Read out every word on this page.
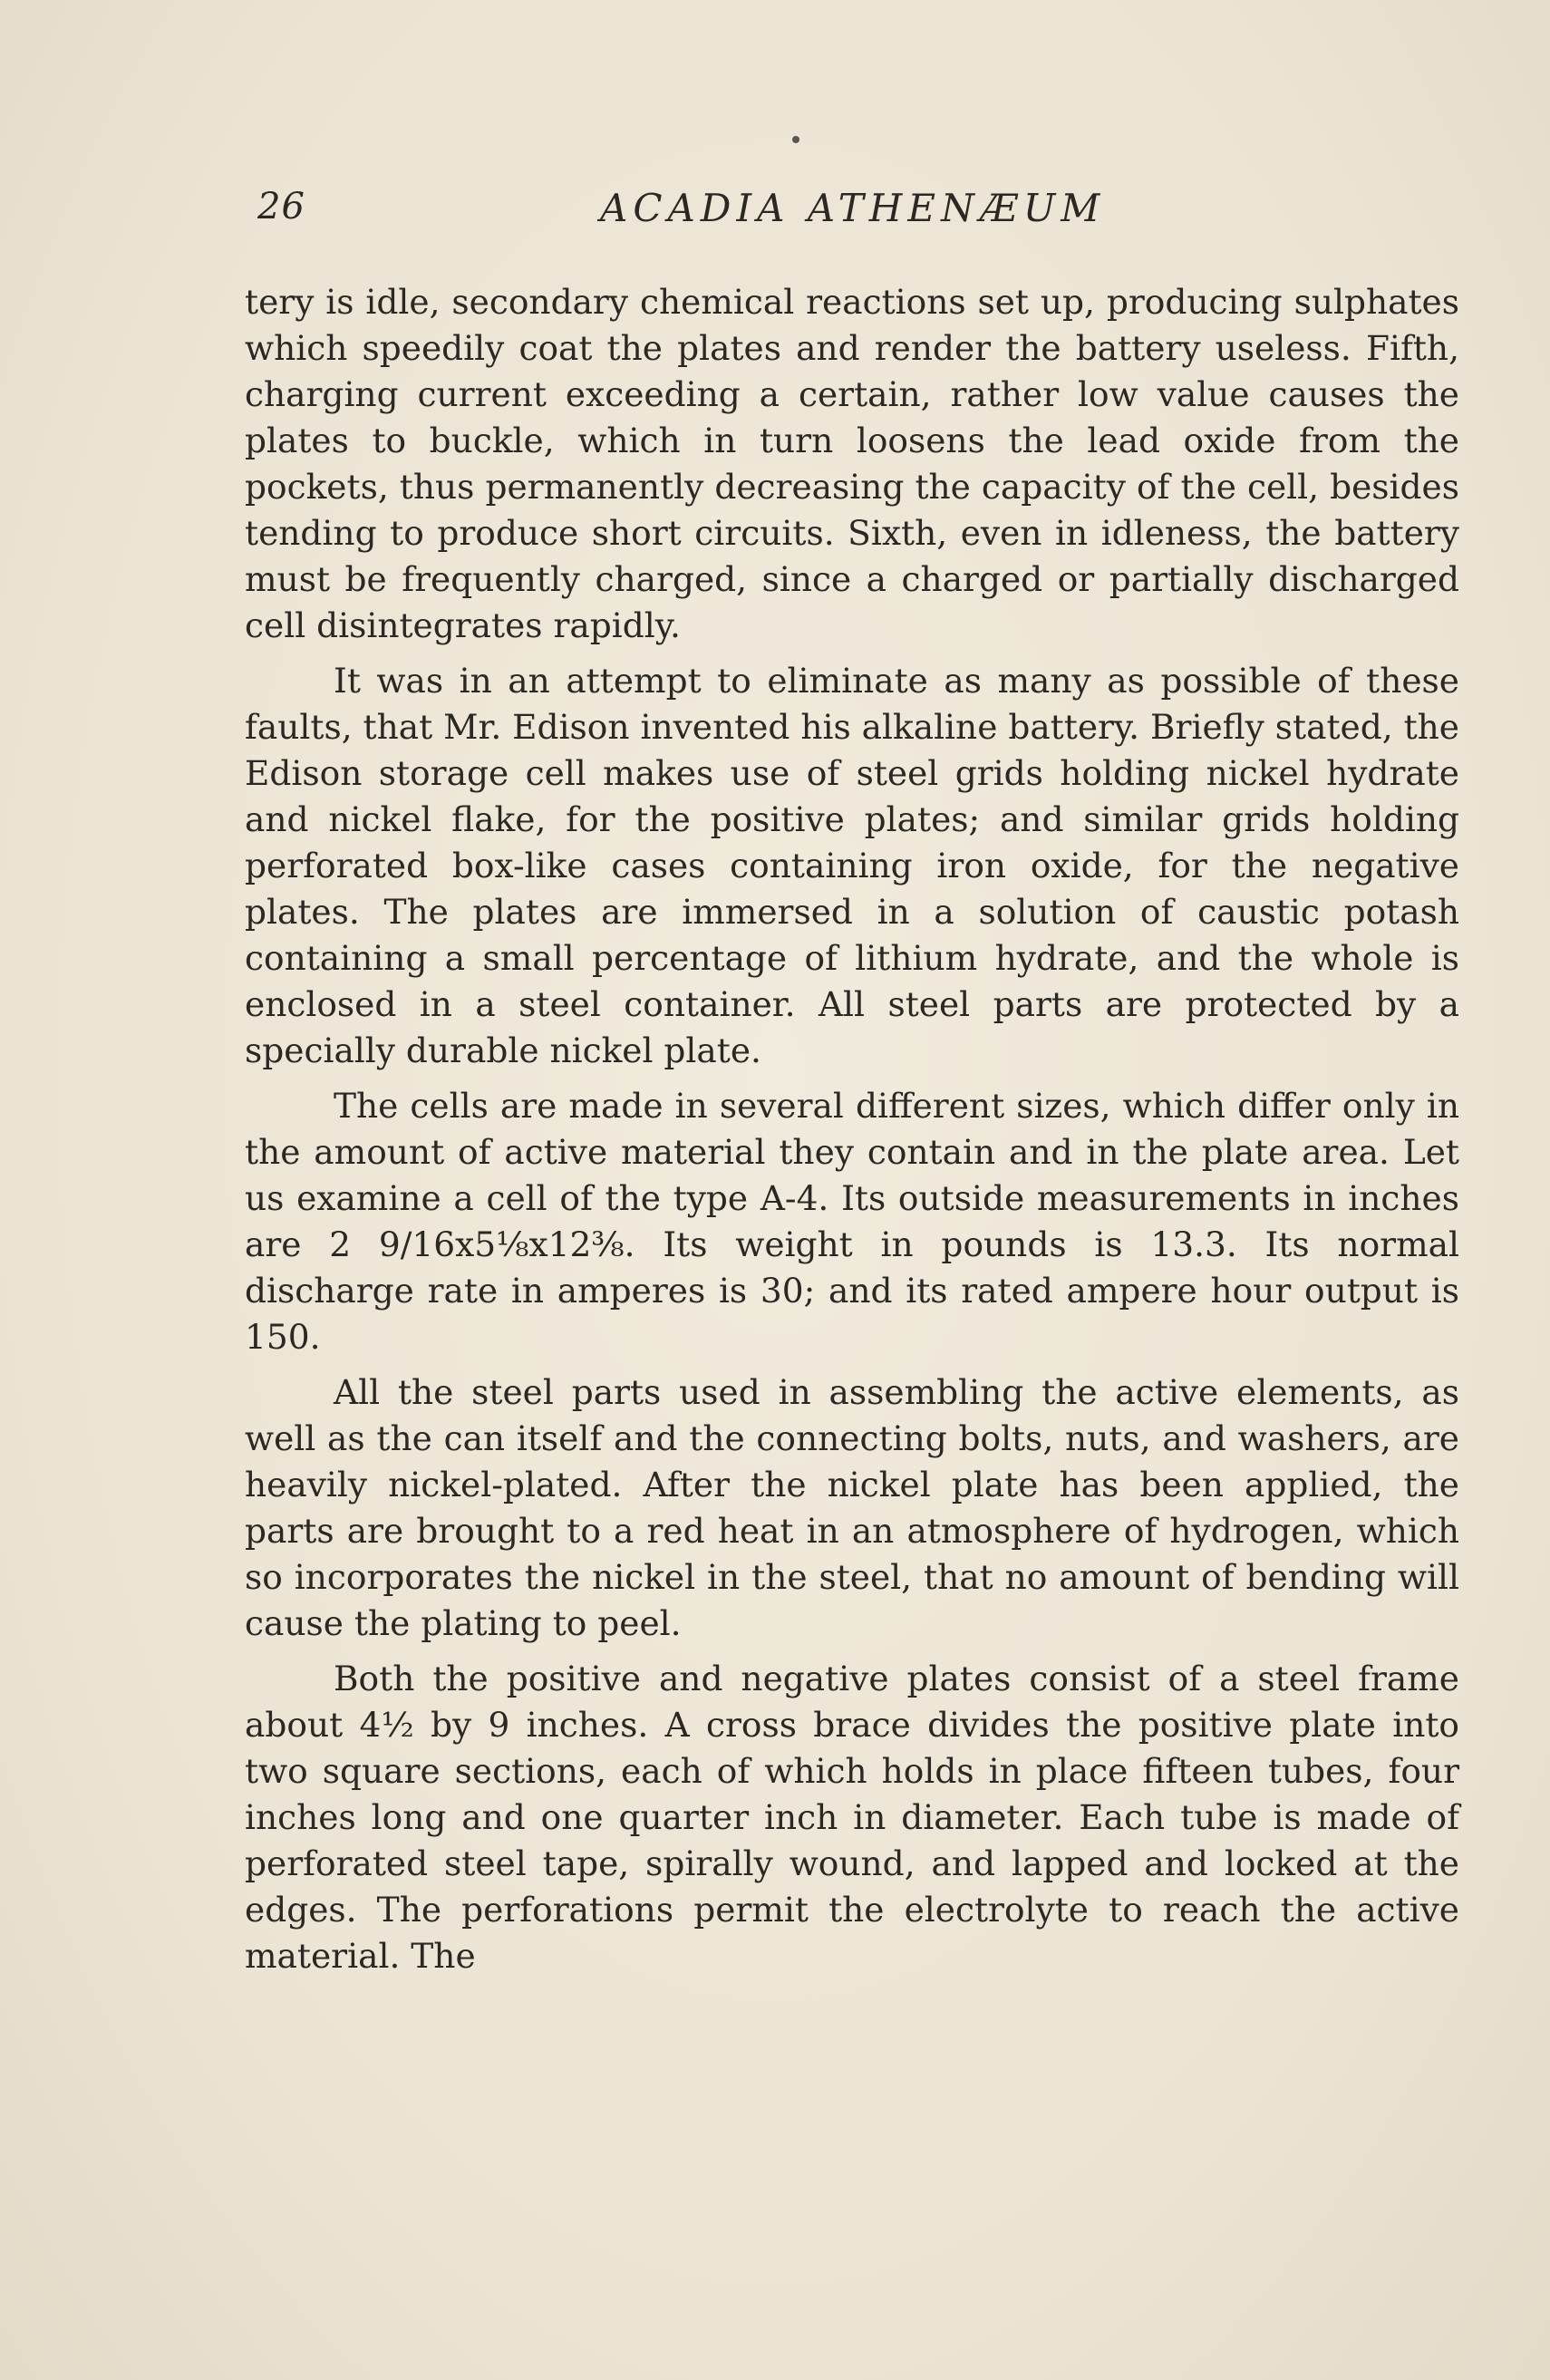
26	ACADIA ATHENÆUM

tery is idle, secondary chemical reactions set up, producing sulphates which speedily coat the plates and render the battery useless. Fifth, charging current exceeding a certain, rather low value causes the plates to buckle, which in turn loosens the lead oxide from the pockets, thus permanently decreasing the capacity of the cell, besides tending to produce short circuits. Sixth, even in idleness, the battery must be frequently charged, since a charged or partially discharged cell disintegrates rapidly.

It was in an attempt to eliminate as many as possible of these faults, that Mr. Edison invented his alkaline battery. Briefly stated, the Edison storage cell makes use of steel grids holding nickel hydrate and nickel flake, for the positive plates; and similar grids holding perforated box-like cases containing iron oxide, for the negative plates. The plates are immersed in a solution of caustic potash containing a small percentage of lithium hydrate, and the whole is enclosed in a steel container. All steel parts are protected by a specially durable nickel plate.

The cells are made in several different sizes, which differ only in the amount of active material they contain and in the plate area. Let us examine a cell of the type A-4. Its outside measurements in inches are 2 9/16x5⅛x12⅜. Its weight in pounds is 13.3. Its normal discharge rate in amperes is 30; and its rated ampere hour output is 150.

All the steel parts used in assembling the active elements, as well as the can itself and the connecting bolts, nuts, and washers, are heavily nickel-plated. After the nickel plate has been applied, the parts are brought to a red heat in an atmosphere of hydrogen, which so incorporates the nickel in the steel, that no amount of bending will cause the plating to peel.

Both the positive and negative plates consist of a steel frame about 4½ by 9 inches. A cross brace divides the positive plate into two square sections, each of which holds in place fifteen tubes, four inches long and one quarter inch in diameter. Each tube is made of perforated steel tape, spirally wound, and lapped and locked at the edges. The perforations permit the electrolyte to reach the active material. The
